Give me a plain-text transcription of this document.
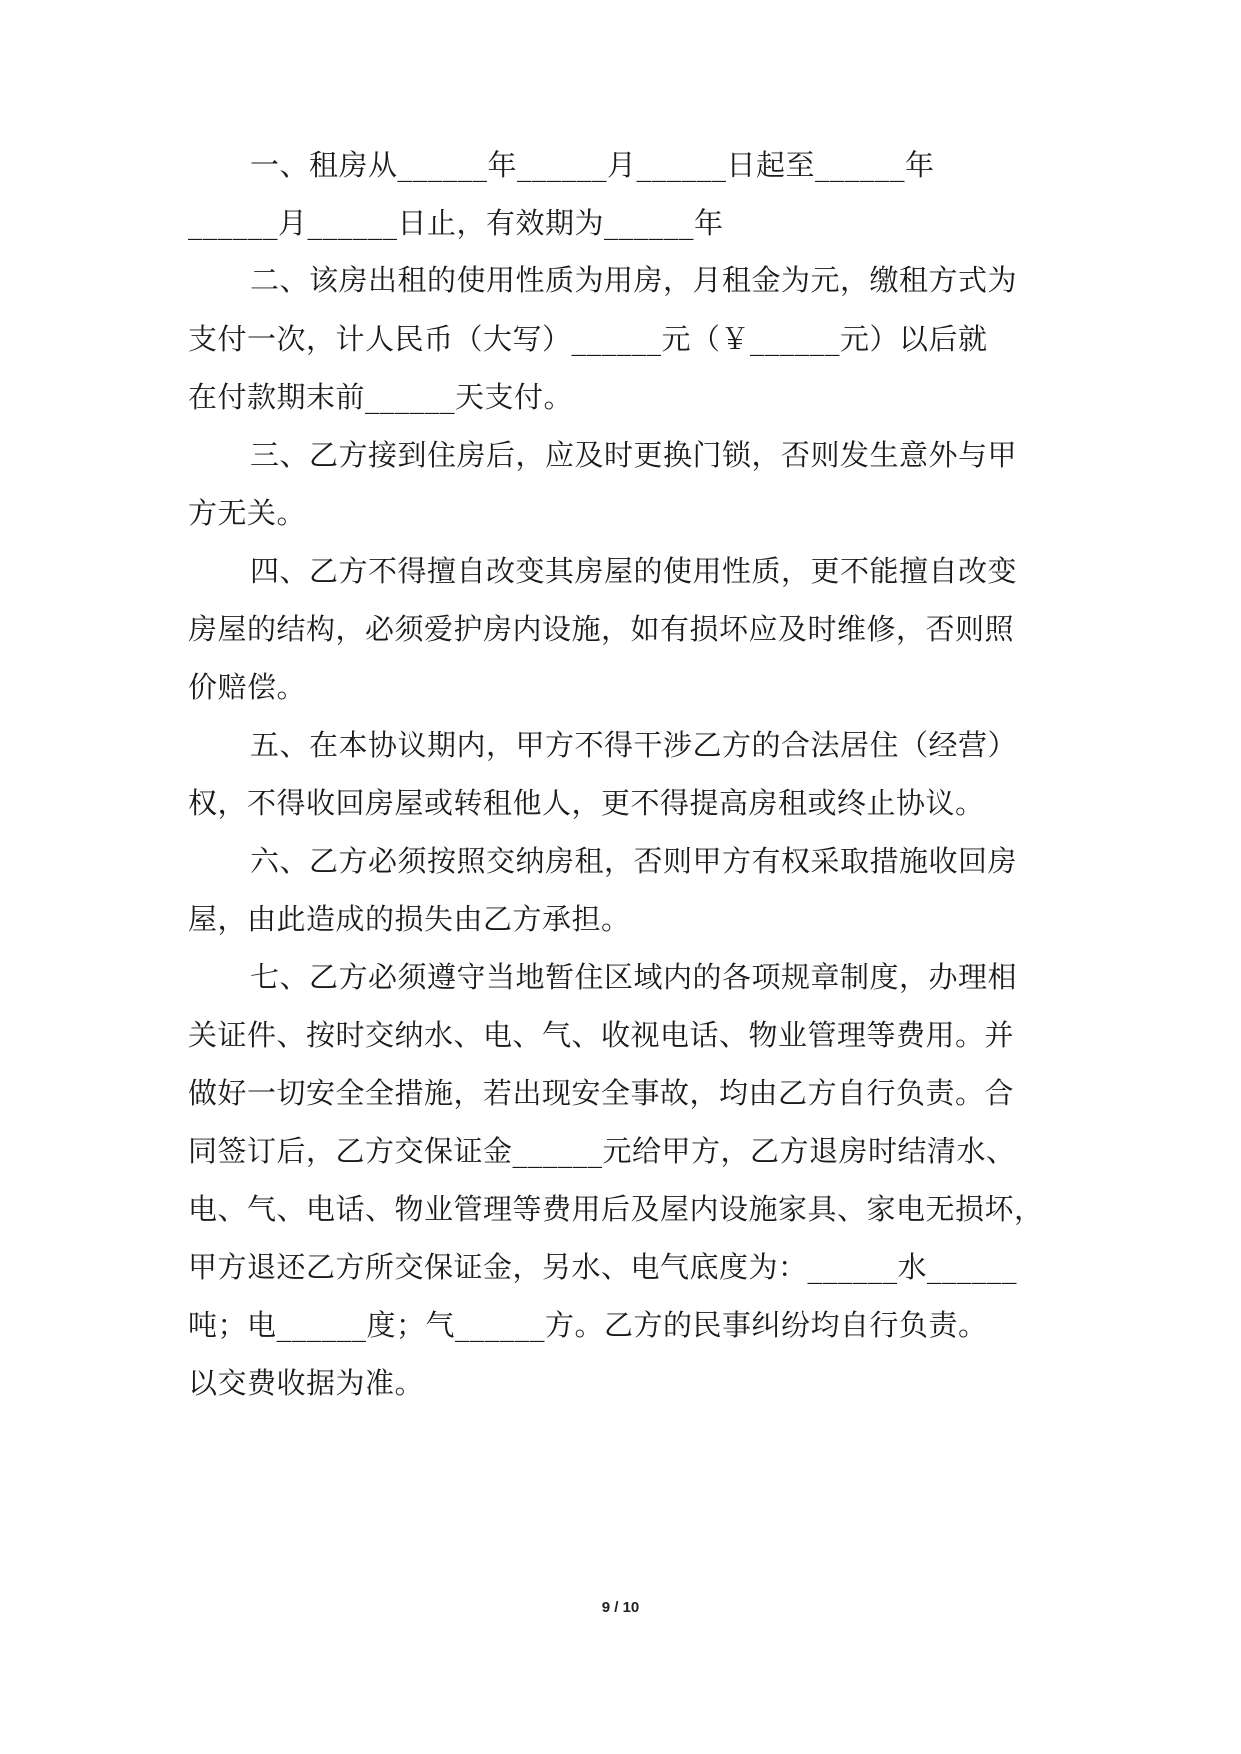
一、租房从______年______月______日起至______年
______月______日止，有效期为______年
二、该房出租的使用性质为用房，月租金为元，缴租方式为
支付一次，计人民币（大写）______元（￥______元）以后就
在付款期末前______天支付。
三、乙方接到住房后，应及时更换门锁，否则发生意外与甲
方无关。
四、乙方不得擅自改变其房屋的使用性质，更不能擅自改变
房屋的结构，必须爱护房内设施，如有损坏应及时维修，否则照
价赔偿。
五、在本协议期内，甲方不得干涉乙方的合法居住（经营）
权，不得收回房屋或转租他人，更不得提高房租或终止协议。
六、乙方必须按照交纳房租，否则甲方有权采取措施收回房
屋，由此造成的损失由乙方承担。
七、乙方必须遵守当地暂住区域内的各项规章制度，办理相
关证件、按时交纳水、电、气、收视电话、物业管理等费用。并
做好一切安全全措施，若出现安全事故，均由乙方自行负责。合
同签订后，乙方交保证金______元给甲方，乙方退房时结清水、
电、气、电话、物业管理等费用后及屋内设施家具、家电无损坏，
甲方退还乙方所交保证金，另水、电气底度为：______水______
吨；电______度；气______方。乙方的民事纠纷均自行负责。
以交费收据为准。
9 / 10
